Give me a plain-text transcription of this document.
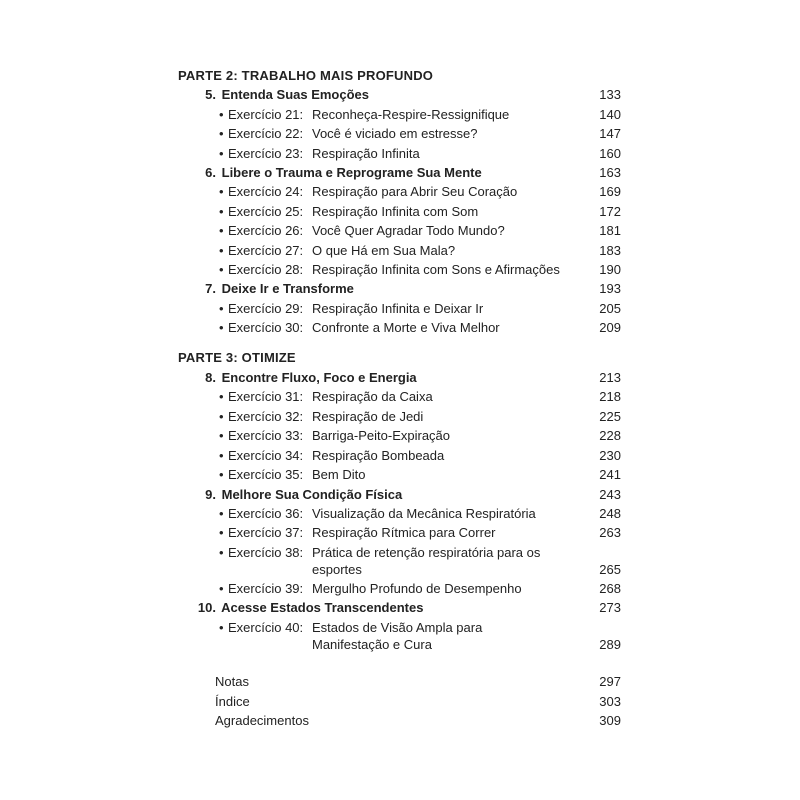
PARTE 2: TRABALHO MAIS PROFUNDO
5. Entenda Suas Emoções	133
• Exercício 21: Reconheça-Respire-Ressignifique	140
• Exercício 22: Você é viciado em estresse?	147
• Exercício 23: Respiração Infinita	160
6. Libere o Trauma e Reprograme Sua Mente	163
• Exercício 24: Respiração para Abrir Seu Coração	169
• Exercício 25: Respiração Infinita com Som	172
• Exercício 26: Você Quer Agradar Todo Mundo?	181
• Exercício 27: O que Há em Sua Mala?	183
• Exercício 28: Respiração Infinita com Sons e Afirmações	190
7. Deixe Ir e Transforme	193
• Exercício 29: Respiração Infinita e Deixar Ir	205
• Exercício 30: Confronte a Morte e Viva Melhor	209
PARTE 3: OTIMIZE
8. Encontre Fluxo, Foco e Energia	213
• Exercício 31: Respiração da Caixa	218
• Exercício 32: Respiração de Jedi	225
• Exercício 33: Barriga-Peito-Expiração	228
• Exercício 34: Respiração Bombeada	230
• Exercício 35: Bem Dito	241
9. Melhore Sua Condição Física	243
• Exercício 36: Visualização da Mecânica Respiratória	248
• Exercício 37: Respiração Rítmica para Correr	263
• Exercício 38: Prática de retenção respiratória para os
esportes	265
• Exercício 39: Mergulho Profundo de Desempenho	268
10. Acesse Estados Transcendentes	273
• Exercício 40: Estados de Visão Ampla para
Manifestação e Cura	289
Notas	297
Índice	303
Agradecimentos	309
